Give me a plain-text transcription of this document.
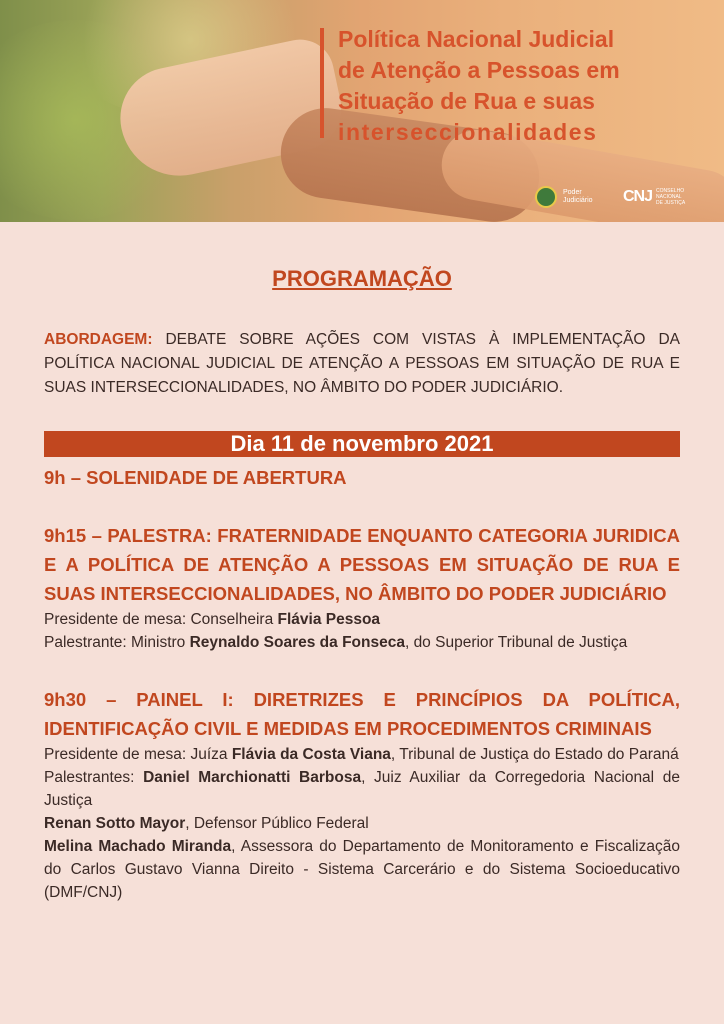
Política Nacional Judicial
de Atenção a Pessoas em
Situação de Rua e suas
interseccionalidades
Poder Judiciário CNJ CONSELHO NACIONAL DE JUSTIÇA
PROGRAMAÇÃO
ABORDAGEM: DEBATE SOBRE AÇÕES COM VISTAS À IMPLEMENTAÇÃO DA POLÍTICA NACIONAL JUDICIAL DE ATENÇÃO A PESSOAS EM SITUAÇÃO DE RUA E SUAS INTERSECCIONALIDADES, NO ÂMBITO DO PODER JUDICIÁRIO.
Dia 11 de novembro 2021
9h – SOLENIDADE DE ABERTURA
9h15 – PALESTRA: FRATERNIDADE ENQUANTO CATEGORIA JURIDICA E A POLÍTICA DE ATENÇÃO A PESSOAS EM SITUAÇÃO DE RUA E SUAS INTERSECCIONALIDADES, NO ÂMBITO DO PODER JUDICIÁRIO
Presidente de mesa: Conselheira Flávia Pessoa
Palestrante: Ministro Reynaldo Soares da Fonseca, do Superior Tribunal de Justiça
9h30 – PAINEL I: DIRETRIZES E PRINCÍPIOS DA POLÍTICA, IDENTIFICAÇÃO CIVIL E MEDIDAS EM PROCEDIMENTOS CRIMINAIS
Presidente de mesa: Juíza Flávia da Costa Viana, Tribunal de Justiça do Estado do Paraná
Palestrantes: Daniel Marchionatti Barbosa, Juiz Auxiliar da Corregedoria Nacional de Justiça
Renan Sotto Mayor, Defensor Público Federal
Melina Machado Miranda, Assessora do Departamento de Monitoramento e Fiscalização do Carlos Gustavo Vianna Direito - Sistema Carcerário e do Sistema Socioeducativo (DMF/CNJ)
